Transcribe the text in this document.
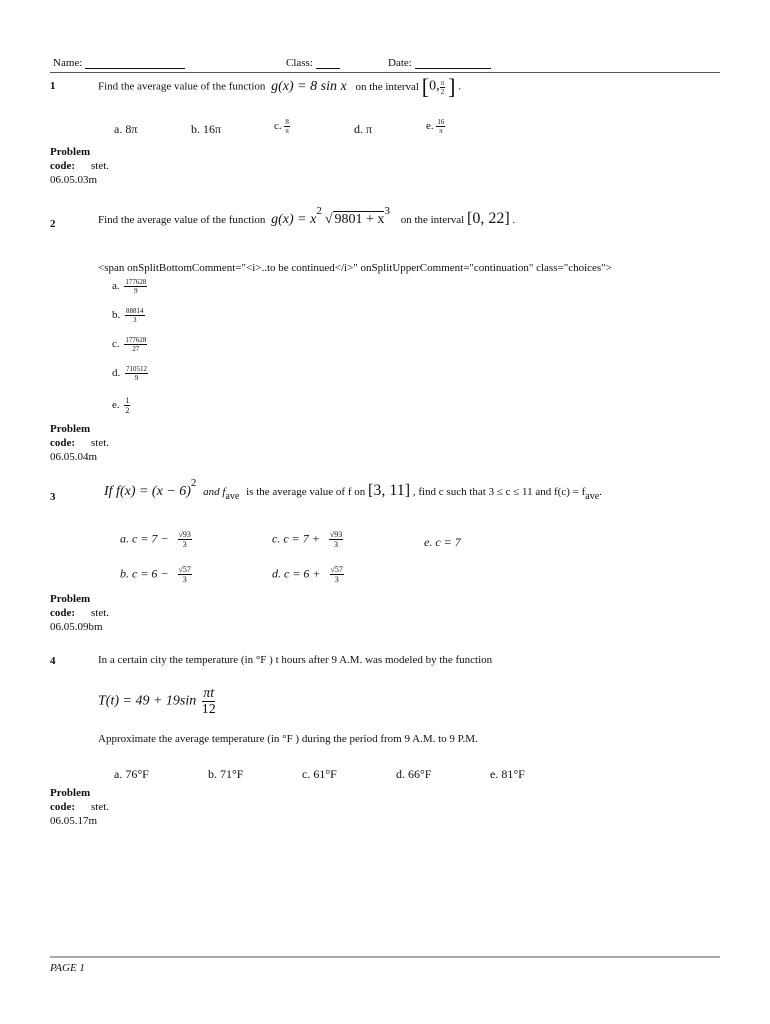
Name:	Class:	Date:
1	Find the average value of the function g(x) = 8 sin x on the interval [0, $\frac{\pi}{2}$ ] .
a. 8π	b. 16π	c. $\frac{8}{\pi}$	d. π	e. $\frac{16}{\pi}$
Problem code:	stet.
06.05.03m
2	Find the average value of the function g(x) = x2√ 9801 + x3 on the interval [0, 22] .
<span onSplitBottomComment="<i>..to be continued</i>" onSplitUpperComment="continuation" class="choices">
a. $\frac{177628}{9}$
b. $\frac{88814}{3}$
c. $\frac{177628}{27}$
d. $\frac{710512}{9}$
e. $\frac{1}{2}$
Problem code:	stet.
06.05.04m
3	If f(x) = (x − 6)2 and fave is the average value of f on [3, 11] , find c such that 3 ≤ c ≤ 11 and f(c) = fave.
a. $c = 7 - \frac{√93}{3}$	c. $c = 7 + \frac{√93}{3}$	e. c = 7
b. $c = 6 - \frac{√57}{3}$	d. $c = 6 + \frac{√57}{3}$
Problem code:	stet.
06.05.09bm
4	In a certain city the temperature (in °F ) t hours after 9 A.M. was modeled by the function
$T(t) = 49 + 19\sin \frac{\pi t}{12}$
Approximate the average temperature (in °F ) during the period from 9 A.M. to 9 P.M.
a. 76°F	b. 71°F	c. 61°F	d. 66°F	e. 81°F
Problem code:	stet.
06.05.17m
PAGE 1
